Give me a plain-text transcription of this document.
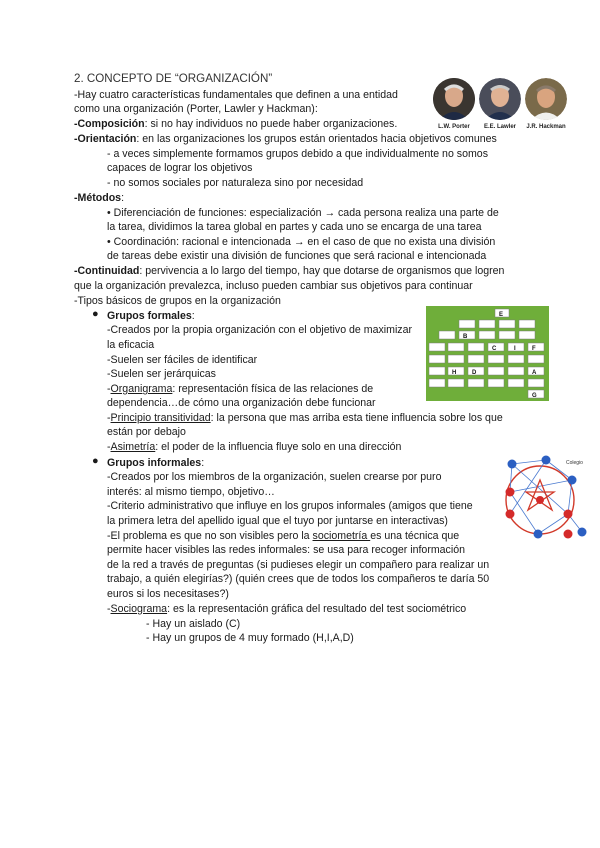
2. CONCEPTO DE “ORGANIZACIÓN”
-Hay cuatro características fundamentales que definen a una entidad
como una organización (Porter, Lawler y Hackman):
-Composición: si no hay individuos no puede haber organizaciones.
-Orientación: en las organizaciones los grupos están orientados hacia objetivos comunes
- a veces simplemente formamos grupos debido a que individualmente no somos
capaces de lograr los objetivos
- no somos sociales por naturaleza sino por necesidad
-Métodos:
• Diferenciación de funciones: especialización → cada persona realiza una parte de
la tarea, dividimos la tarea global en partes y cada uno se encarga de una tarea
• Coordinación: racional e intencionada → en el caso de que no exista una división
de tareas debe existir una división de funciones que será racional e intencionada
-Continuidad: pervivencia a lo largo del tiempo, hay que dotarse de organismos que logren
que la organización prevalezca, incluso pueden cambiar sus objetivos para continuar
-Tipos básicos de grupos en la organización
● Grupos formales:
-Creados por la propia organización con el objetivo de maximizar
la eficacia
-Suelen ser fáciles de identificar
-Suelen ser jerárquicas
-Organigrama: representación física de las relaciones de
dependencia…de cómo una organización debe funcionar
-Principio transitividad: la persona que mas arriba esta tiene influencia sobre los que
están por debajo
-Asimetría: el poder de la influencia fluye solo en una dirección
● Grupos informales:
-Creados por los miembros de la organización, suelen crearse por puro
interés: al mismo tiempo, objetivo…
-Criterio administrativo que influye en los grupos informales (amigos que tiene
la primera letra del apellido igual que el tuyo por juntarse en interactivas)
-El problema es que no son visibles pero la sociometría es una técnica que
permite hacer visibles las redes informales: se usa para recoger información
de la red a través de preguntas (si pudieses elegir un compañero para realizar un
trabajo, a quién elegirías?) (quién crees que de todos los compañeros te daría 50
euros si los necesitases?)
-Sociograma: es la representación gráfica del resultado del test sociométrico
- Hay un aislado (C)
- Hay un grupos de 4 muy formado (H,I,A,D)
L.W. Porter	E.E. Lawler	J.R. Hackman
E
B
C	I	F
H	D	A
G
Colegio
